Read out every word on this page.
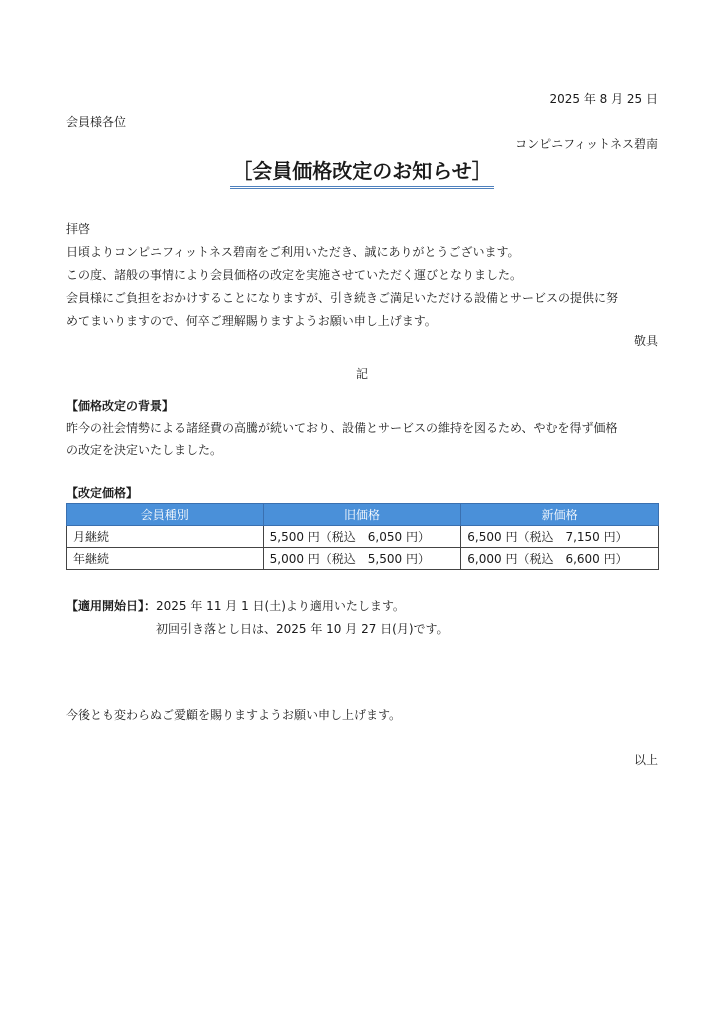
2025 年 8 月 25 日
会員様各位
コンピニフィットネス碧南
［会員価格改定のお知らせ］
拝啓
日頃よりコンピニフィットネス碧南をご利用いただき、誠にありがとうございます。
この度、諸般の事情により会員価格の改定を実施させていただく運びとなりました。
会員様にご負担をおかけすることになりますが、引き続きご満足いただける設備とサービスの提供に努
めてまいりますので、何卒ご理解賜りますようお願い申し上げます。
敬具
記
【価格改定の背景】
昨今の社会情勢による諸経費の高騰が続いており、設備とサービスの維持を図るため、やむを得ず価格
の改定を決定いたしました。
【改定価格】
会員種別	旧価格	新価格
月継続	5,500 円（税込　6,050 円）	6,500 円（税込　7,150 円）
年継続	5,000 円（税込　5,500 円）	6,000 円（税込　6,600 円）
【適用開始日】：2025 年 11 月 1 日(土)より適用いたします。
初回引き落とし日は、2025 年 10 月 27 日(月)です。
今後とも変わらぬご愛顧を賜りますようお願い申し上げます。
以上
